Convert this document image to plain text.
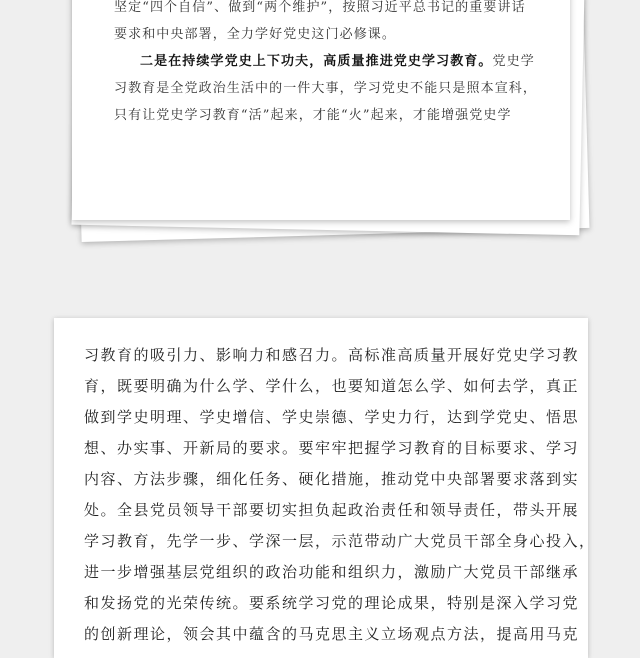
坚定“四个自信”、做到“两个维护”，按照习近平总书记的重要讲话

要求和中央部署，全力学好党史这门必修课。

二是在持续学党史上下功夫，高质量推进党史学习教育。党史学

习教育是全党政治生活中的一件大事，学习党史不能只是照本宣科，

只有让党史学习教育“活”起来，才能“火”起来，才能增强党史学

习教育的吸引力、影响力和感召力。高标准高质量开展好党史学习教

育，既要明确为什么学、学什么，也要知道怎么学、如何去学，真正

做到学史明理、学史增信、学史崇德、学史力行，达到学党史、悟思

想、办实事、开新局的要求。要牢牢把握学习教育的目标要求、学习

内容、方法步骤，细化任务、硬化措施，推动党中央部署要求落到实

处。全县党员领导干部要切实担负起政治责任和领导责任，带头开展

学习教育，先学一步、学深一层，示范带动广大党员干部全身心投入，

进一步增强基层党组织的政治功能和组织力，激励广大党员干部继承

和发扬党的光荣传统。要系统学习党的理论成果，特别是深入学习党

的创新理论，领会其中蕴含的马克思主义立场观点方法，提高用马克
